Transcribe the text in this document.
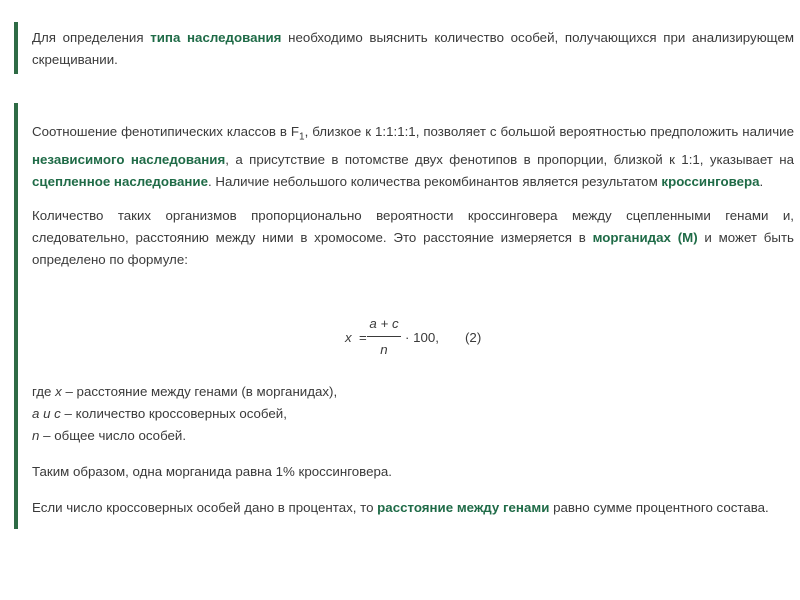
Для определения типа наследования необходимо выяснить количество особей, получающихся при анализирующем скрещивании.

Соотношение фенотипических классов в $F_1$, близкое к 1:1:1:1, позволяет с большой вероятностью предположить наличие независимого наследования, а присутствие в потомстве двух фенотипов в пропорции, близкой к 1:1, указывает на сцепленное наследование. Наличие небольшого количества рекомбинантов является результатом кроссинговера.

Количество таких организмов пропорционально вероятности кроссинговера между сцепленными генами и, следовательно, расстоянию между ними в хромосоме. Это расстояние измеряется в морганидах (М) и может быть определено по формуле:

где x – расстояние между генами (в морганидах),

a и c – количество кроссоверных особей,

n – общее число особей.

Таким образом, одна морганида равна 1% кроссинговера.

Если число кроссоверных особей дано в процентах, то расстояние между генами равно сумме процентного состава.

x =
a + c
n
· 100, (2)
